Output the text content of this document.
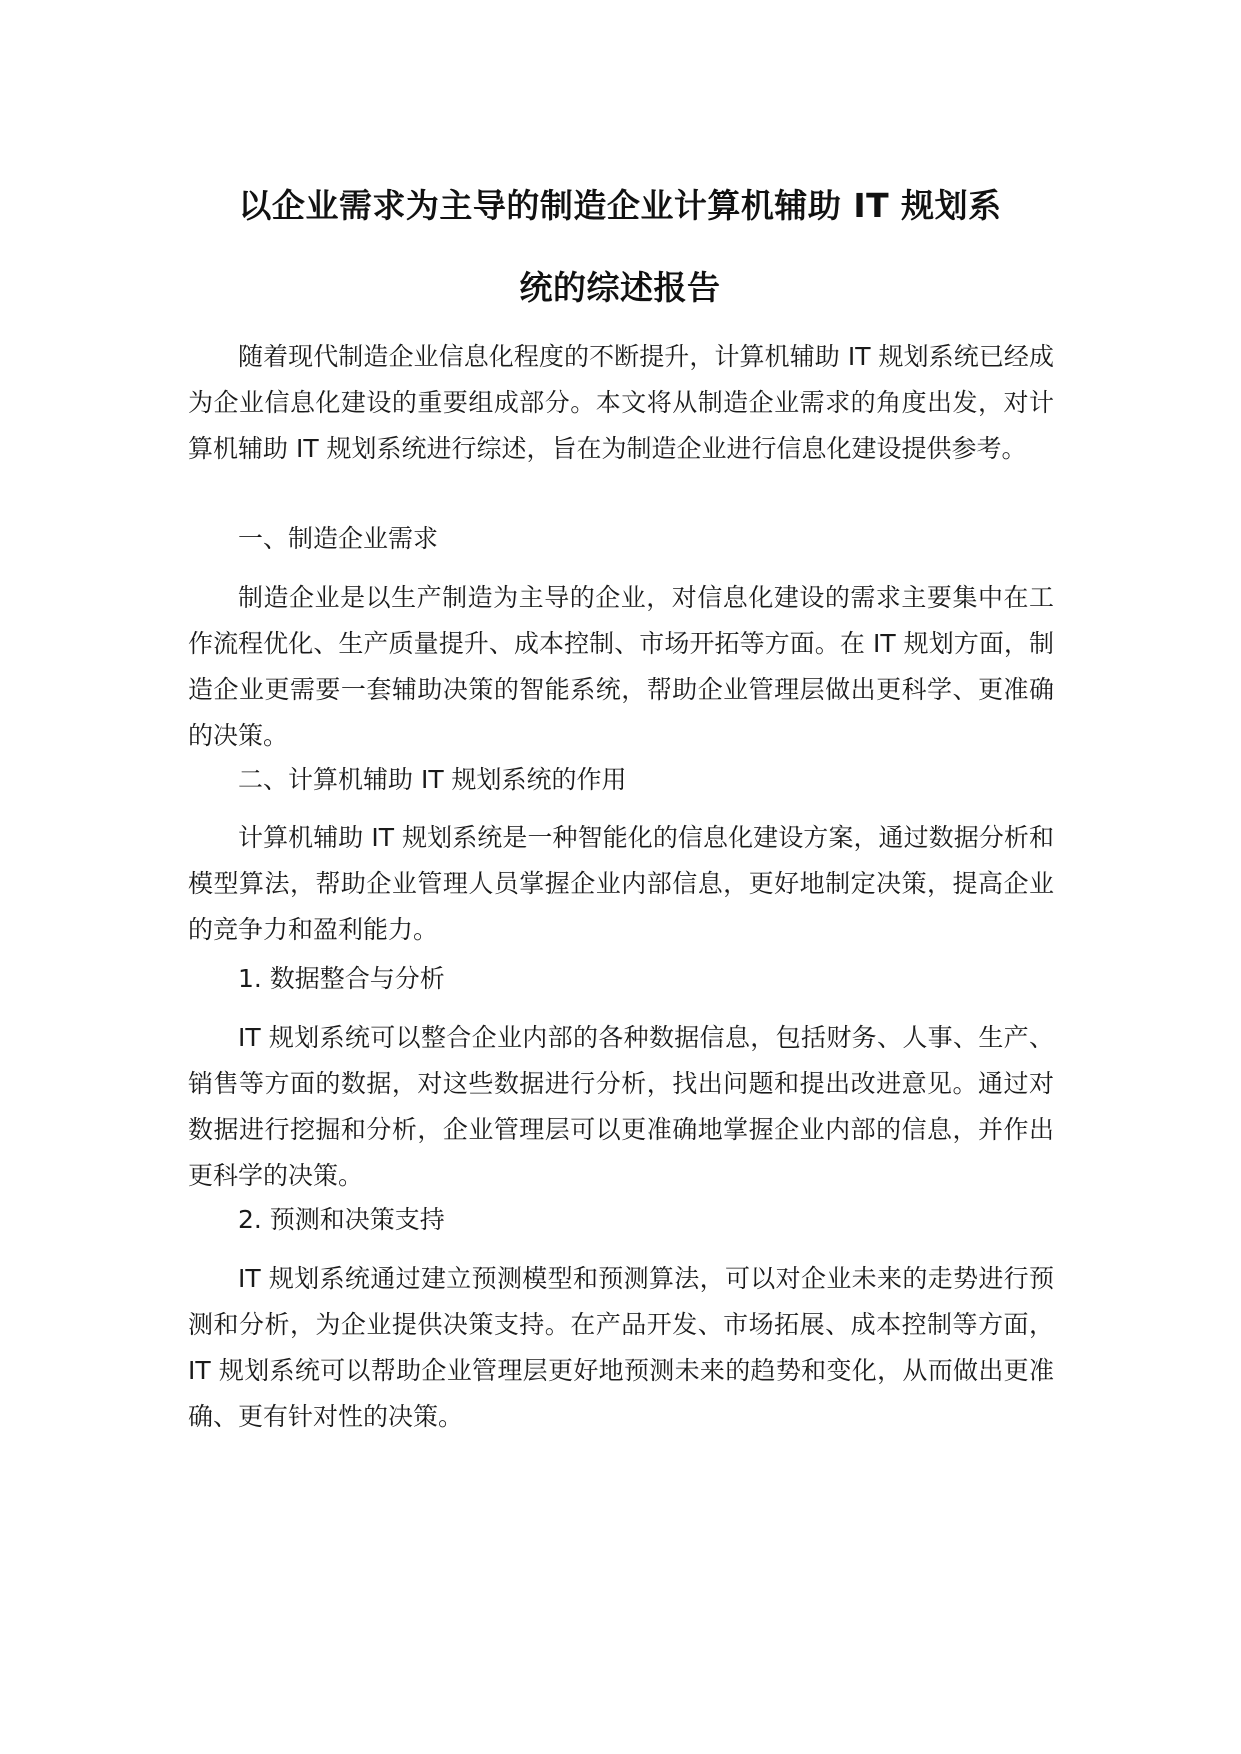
以企业需求为主导的制造企业计算机辅助 IT 规划系
统的综述报告

随着现代制造企业信息化程度的不断提升，计算机辅助 IT 规划系统已经成为企业信息化建设的重要组成部分。本文将从制造企业需求的角度出发，对计算机辅助 IT 规划系统进行综述，旨在为制造企业进行信息化建设提供参考。

一、制造企业需求

制造企业是以生产制造为主导的企业，对信息化建设的需求主要集中在工作流程优化、生产质量提升、成本控制、市场开拓等方面。在 IT 规划方面，制造企业更需要一套辅助决策的智能系统，帮助企业管理层做出更科学、更准确的决策。

二、计算机辅助 IT 规划系统的作用

计算机辅助 IT 规划系统是一种智能化的信息化建设方案，通过数据分析和模型算法，帮助企业管理人员掌握企业内部信息，更好地制定决策，提高企业的竞争力和盈利能力。

1. 数据整合与分析

IT 规划系统可以整合企业内部的各种数据信息，包括财务、人事、生产、销售等方面的数据，对这些数据进行分析，找出问题和提出改进意见。通过对数据进行挖掘和分析，企业管理层可以更准确地掌握企业内部的信息，并作出更科学的决策。

2. 预测和决策支持

IT 规划系统通过建立预测模型和预测算法，可以对企业未来的走势进行预测和分析，为企业提供决策支持。在产品开发、市场拓展、成本控制等方面，IT 规划系统可以帮助企业管理层更好地预测未来的趋势和变化，从而做出更准确、更有针对性的决策。
